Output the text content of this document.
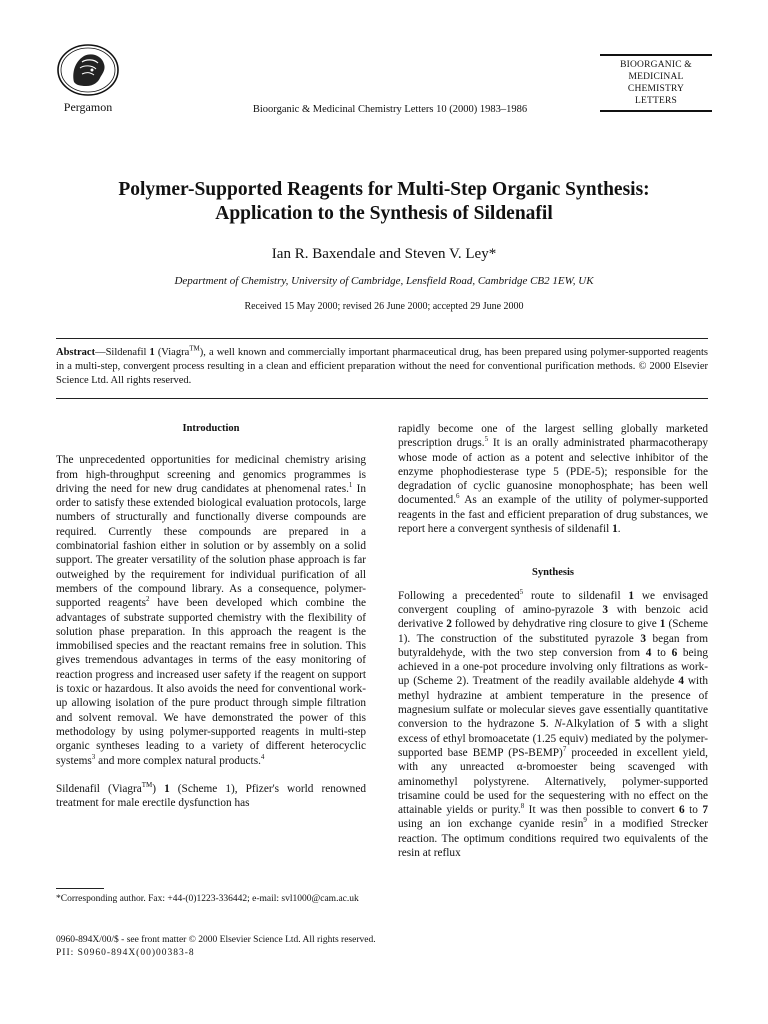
Pergamon	Bioorganic & Medicinal Chemistry Letters 10 (2000) 1983–1986
BIOORGANIC &
MEDICINAL
CHEMISTRY
LETTERS
Polymer-Supported Reagents for Multi-Step Organic Synthesis:
Application to the Synthesis of Sildenafil
Ian R. Baxendale and Steven V. Ley*
Department of Chemistry, University of Cambridge, Lensfield Road, Cambridge CB2 1EW, UK
Received 15 May 2000; revised 26 June 2000; accepted 29 June 2000
Abstract—Sildenafil 1 (Viagra™), a well known and commercially important pharmaceutical drug, has been prepared using polymer-supported reagents in a multi-step, convergent process resulting in a clean and efficient preparation without the need for conventional purification methods. © 2000 Elsevier Science Ltd. All rights reserved.

Introduction

The unprecedented opportunities for medicinal chemistry arising from high-throughput screening and genomics programmes is driving the need for new drug candidates at phenomenal rates.$^1$ In order to satisfy these extended biological evaluation protocols, large numbers of structurally and functionally diverse compounds are required. Currently these compounds are prepared in a combinatorial fashion either in solution or by assembly on a solid support. The greater versatility of the solution phase approach is far outweighed by the requirement for individual purification of all members of the compound library. As a consequence, polymer-supported reagents$^2$ have been developed which combine the advantages of substrate supported chemistry with the flexibility of solution phase preparation. In this approach the reagent is the immobilised species and the reactant remains free in solution. This gives tremendous advantages in terms of the easy monitoring of reaction progress and increased user safety if the reagent on support is toxic or hazardous. It also avoids the need for conventional work-up allowing isolation of the pure product through simple filtration and solvent removal. We have demonstrated the power of this methodology by using polymer-supported reagents in multi-step organic syntheses leading to a variety of different heterocyclic systems$^3$ and more complex natural products.$^4$

Sildenafil (Viagra™) 1 (Scheme 1), Pfizer's world renowned treatment for male erectile dysfunction has

rapidly become one of the largest selling globally marketed prescription drugs.$^5$ It is an orally administrated pharmacotherapy whose mode of action as a potent and selective inhibitor of the enzyme phophodiesterase type 5 (PDE-5); responsible for the degradation of cyclic guanosine monophosphate; has been well documented.$^6$ As an example of the utility of polymer-supported reagents in the fast and efficient preparation of drug substances, we report here a convergent synthesis of sildenafil 1.

Synthesis

Following a precedented$^5$ route to sildenafil 1 we envisaged convergent coupling of amino-pyrazole 3 with benzoic acid derivative 2 followed by dehydrative ring closure to give 1 (Scheme 1). The construction of the substituted pyrazole 3 began from butyraldehyde, with the two step conversion from 4 to 6 being achieved in a one-pot procedure involving only filtrations as work-up (Scheme 2). Treatment of the readily available aldehyde 4 with methyl hydrazine at ambient temperature in the presence of magnesium sulfate or molecular sieves gave essentially quantitative conversion to the hydrazone 5. N-Alkylation of 5 with a slight excess of ethyl bromoacetate (1.25 equiv) mediated by the polymer-supported base BEMP (PS-BEMP)$^7$ proceeded in excellent yield, with any unreacted α-bromoester being scavenged with aminomethyl polystyrene. Alternatively, polymer-supported trisamine could be used for the sequestering with no effect on the attainable yields or purity.$^8$ It was then possible to convert 6 to 7 using an ion exchange cyanide resin$^9$ in a modified Strecker reaction. The optimum conditions required two equivalents of the resin at reflux

*Corresponding author. Fax: +44-(0)1223-336442; e-mail: svl1000@cam.ac.uk
0960-894X/00/$ - see front matter © 2000 Elsevier Science Ltd. All rights reserved.
PII: S0960-894X(00)00383-8
